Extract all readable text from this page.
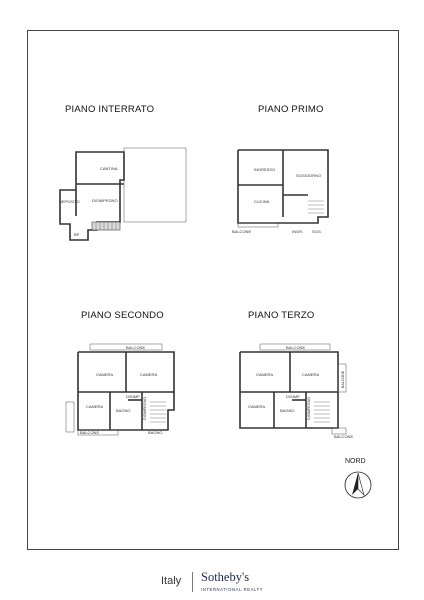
PIANO INTERRATO	PIANO PRIMO
PIANO SECONDO	PIANO TERZO
CANTINA
DEPOSITO	DISIMPEGNO
BP
INGRESSO
SOGGIORNO
CUCINA
BALCONE	INGR. SOG.
BALCONE
CAMERA	CAMERA
DISIMP.
CAMERA
BAGNO
BALCONE	BAGNO
DISIMPEGNO
BALCONE
CAMERA	CAMERA
DISIMP.
CAMERA
BAGNO
BALCONE
DISIMPEGNO
BALCONE
NORD
Italy Sotheby's
INTERNATIONAL REALTY
